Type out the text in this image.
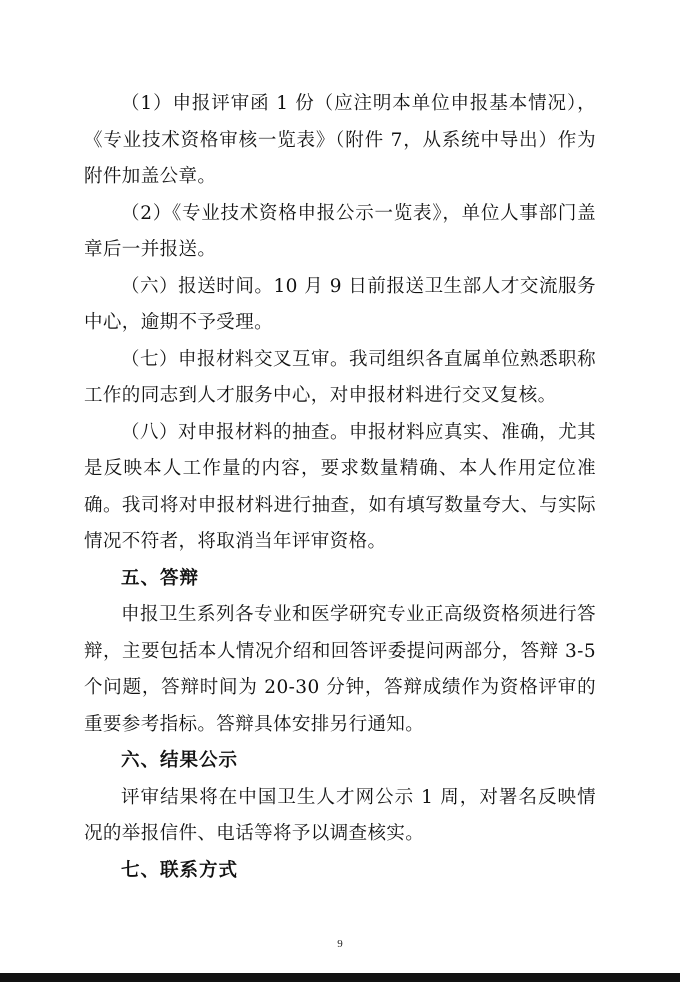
（1）申报评审函 1 份（应注明本单位申报基本情况），《专业技术资格审核一览表》（附件 7，从系统中导出）作为附件加盖公章。

（2）《专业技术资格申报公示一览表》，单位人事部门盖章后一并报送。

（六）报送时间。10 月 9 日前报送卫生部人才交流服务中心，逾期不予受理。

（七）申报材料交叉互审。我司组织各直属单位熟悉职称工作的同志到人才服务中心，对申报材料进行交叉复核。

（八）对申报材料的抽查。申报材料应真实、准确，尤其是反映本人工作量的内容，要求数量精确、本人作用定位准确。我司将对申报材料进行抽查，如有填写数量夸大、与实际情况不符者，将取消当年评审资格。

五、答辩

申报卫生系列各专业和医学研究专业正高级资格须进行答辩，主要包括本人情况介绍和回答评委提问两部分，答辩 3-5 个问题，答辩时间为 20-30 分钟，答辩成绩作为资格评审的重要参考指标。答辩具体安排另行通知。

六、结果公示

评审结果将在中国卫生人才网公示 1 周，对署名反映情况的举报信件、电话等将予以调查核实。

七、联系方式

9
